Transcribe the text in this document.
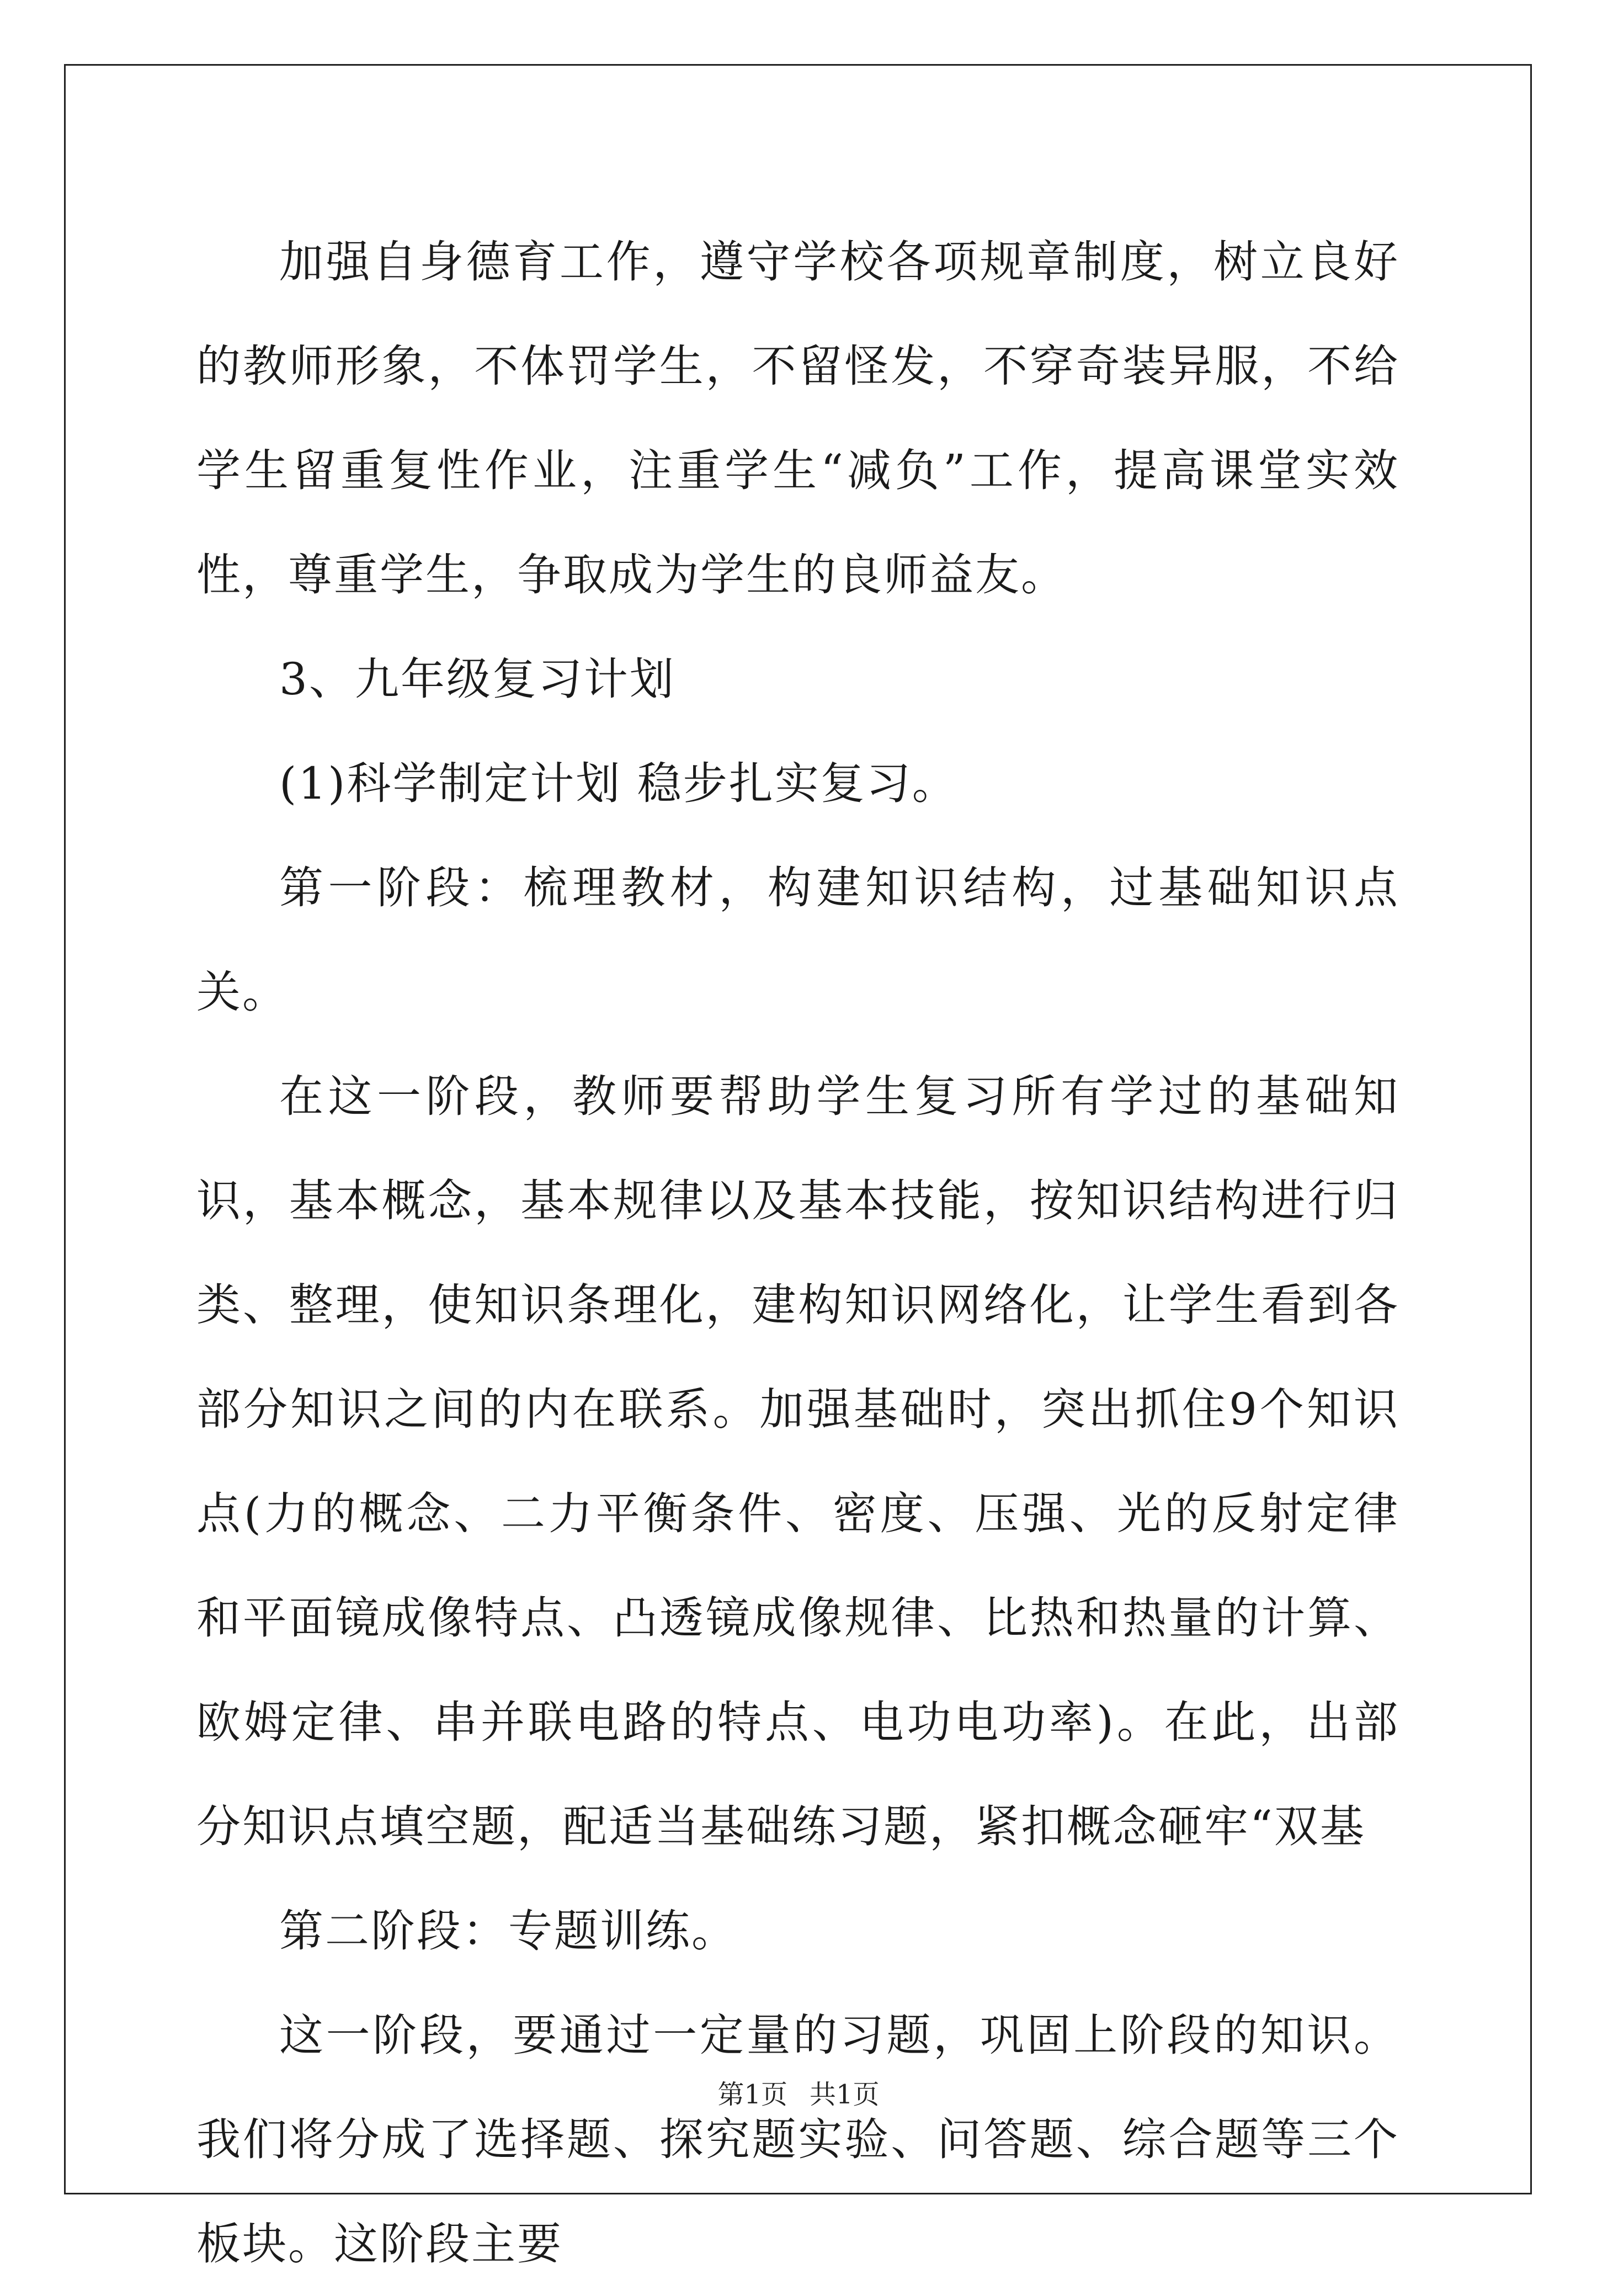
加强自身德育工作，遵守学校各项规章制度，树立良好的教师形象，不体罚学生，不留怪发，不穿奇装异服，不给学生留重复性作业，注重学生“减负”工作，提高课堂实效性，尊重学生，争取成为学生的良师益友。

3、九年级复习计划

(1)科学制定计划 稳步扎实复习。

第一阶段：梳理教材，构建知识结构，过基础知识点关。

在这一阶段，教师要帮助学生复习所有学过的基础知识，基本概念，基本规律以及基本技能，按知识结构进行归类、整理，使知识条理化，建构知识网络化，让学生看到各部分知识之间的内在联系。加强基础时，突出抓住9个知识点(力的概念、二力平衡条件、密度、压强、光的反射定律和平面镜成像特点、凸透镜成像规律、比热和热量的计算、欧姆定律、串并联电路的特点、电功电功率)。在此，出部分知识点填空题，配适当基础练习题，紧扣概念砸牢“双基

第二阶段：专题训练。

这一阶段，要通过一定量的习题，巩固上阶段的知识。我们将分成了选择题、探究题实验、问答题、综合题等三个板块。这阶段主要

第1页 共1页
